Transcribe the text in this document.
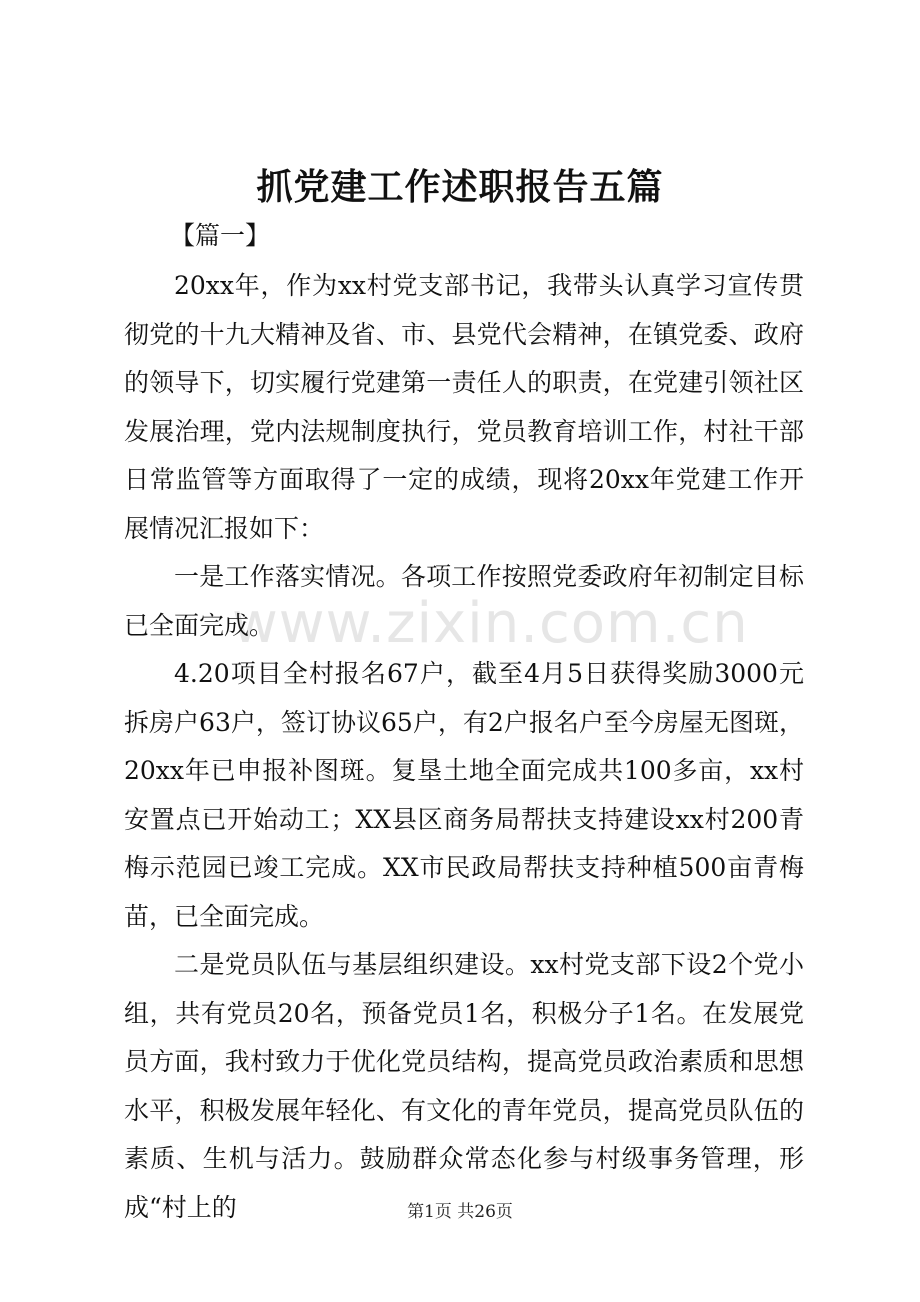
www.zixin.com.cn
抓党建工作述职报告五篇
【篇一】

20xx年，作为xx村党支部书记，我带头认真学习宣传贯彻党的十九大精神及省、市、县党代会精神，在镇党委、政府的领导下，切实履行党建第一责任人的职责，在党建引领社区发展治理，党内法规制度执行，党员教育培训工作，村社干部日常监管等方面取得了一定的成绩，现将20xx年党建工作开展情况汇报如下：

一是工作落实情况。各项工作按照党委政府年初制定目标已全面完成。

4.20项目全村报名67户，截至4月5日获得奖励3000元拆房户63户，签订协议65户，有2户报名户至今房屋无图斑，20xx年已申报补图斑。复垦土地全面完成共100多亩，xx村安置点已开始动工；XX县区商务局帮扶支持建设xx村200青梅示范园已竣工完成。XX市民政局帮扶支持种植500亩青梅苗，已全面完成。

二是党员队伍与基层组织建设。xx村党支部下设2个党小组，共有党员20名，预备党员1名，积极分子1名。在发展党员方面，我村致力于优化党员结构，提高党员政治素质和思想水平，积极发展年轻化、有文化的青年党员，提高党员队伍的素质、生机与活力。鼓励群众常态化参与村级事务管理，形成“村上的	第1页 共26页
